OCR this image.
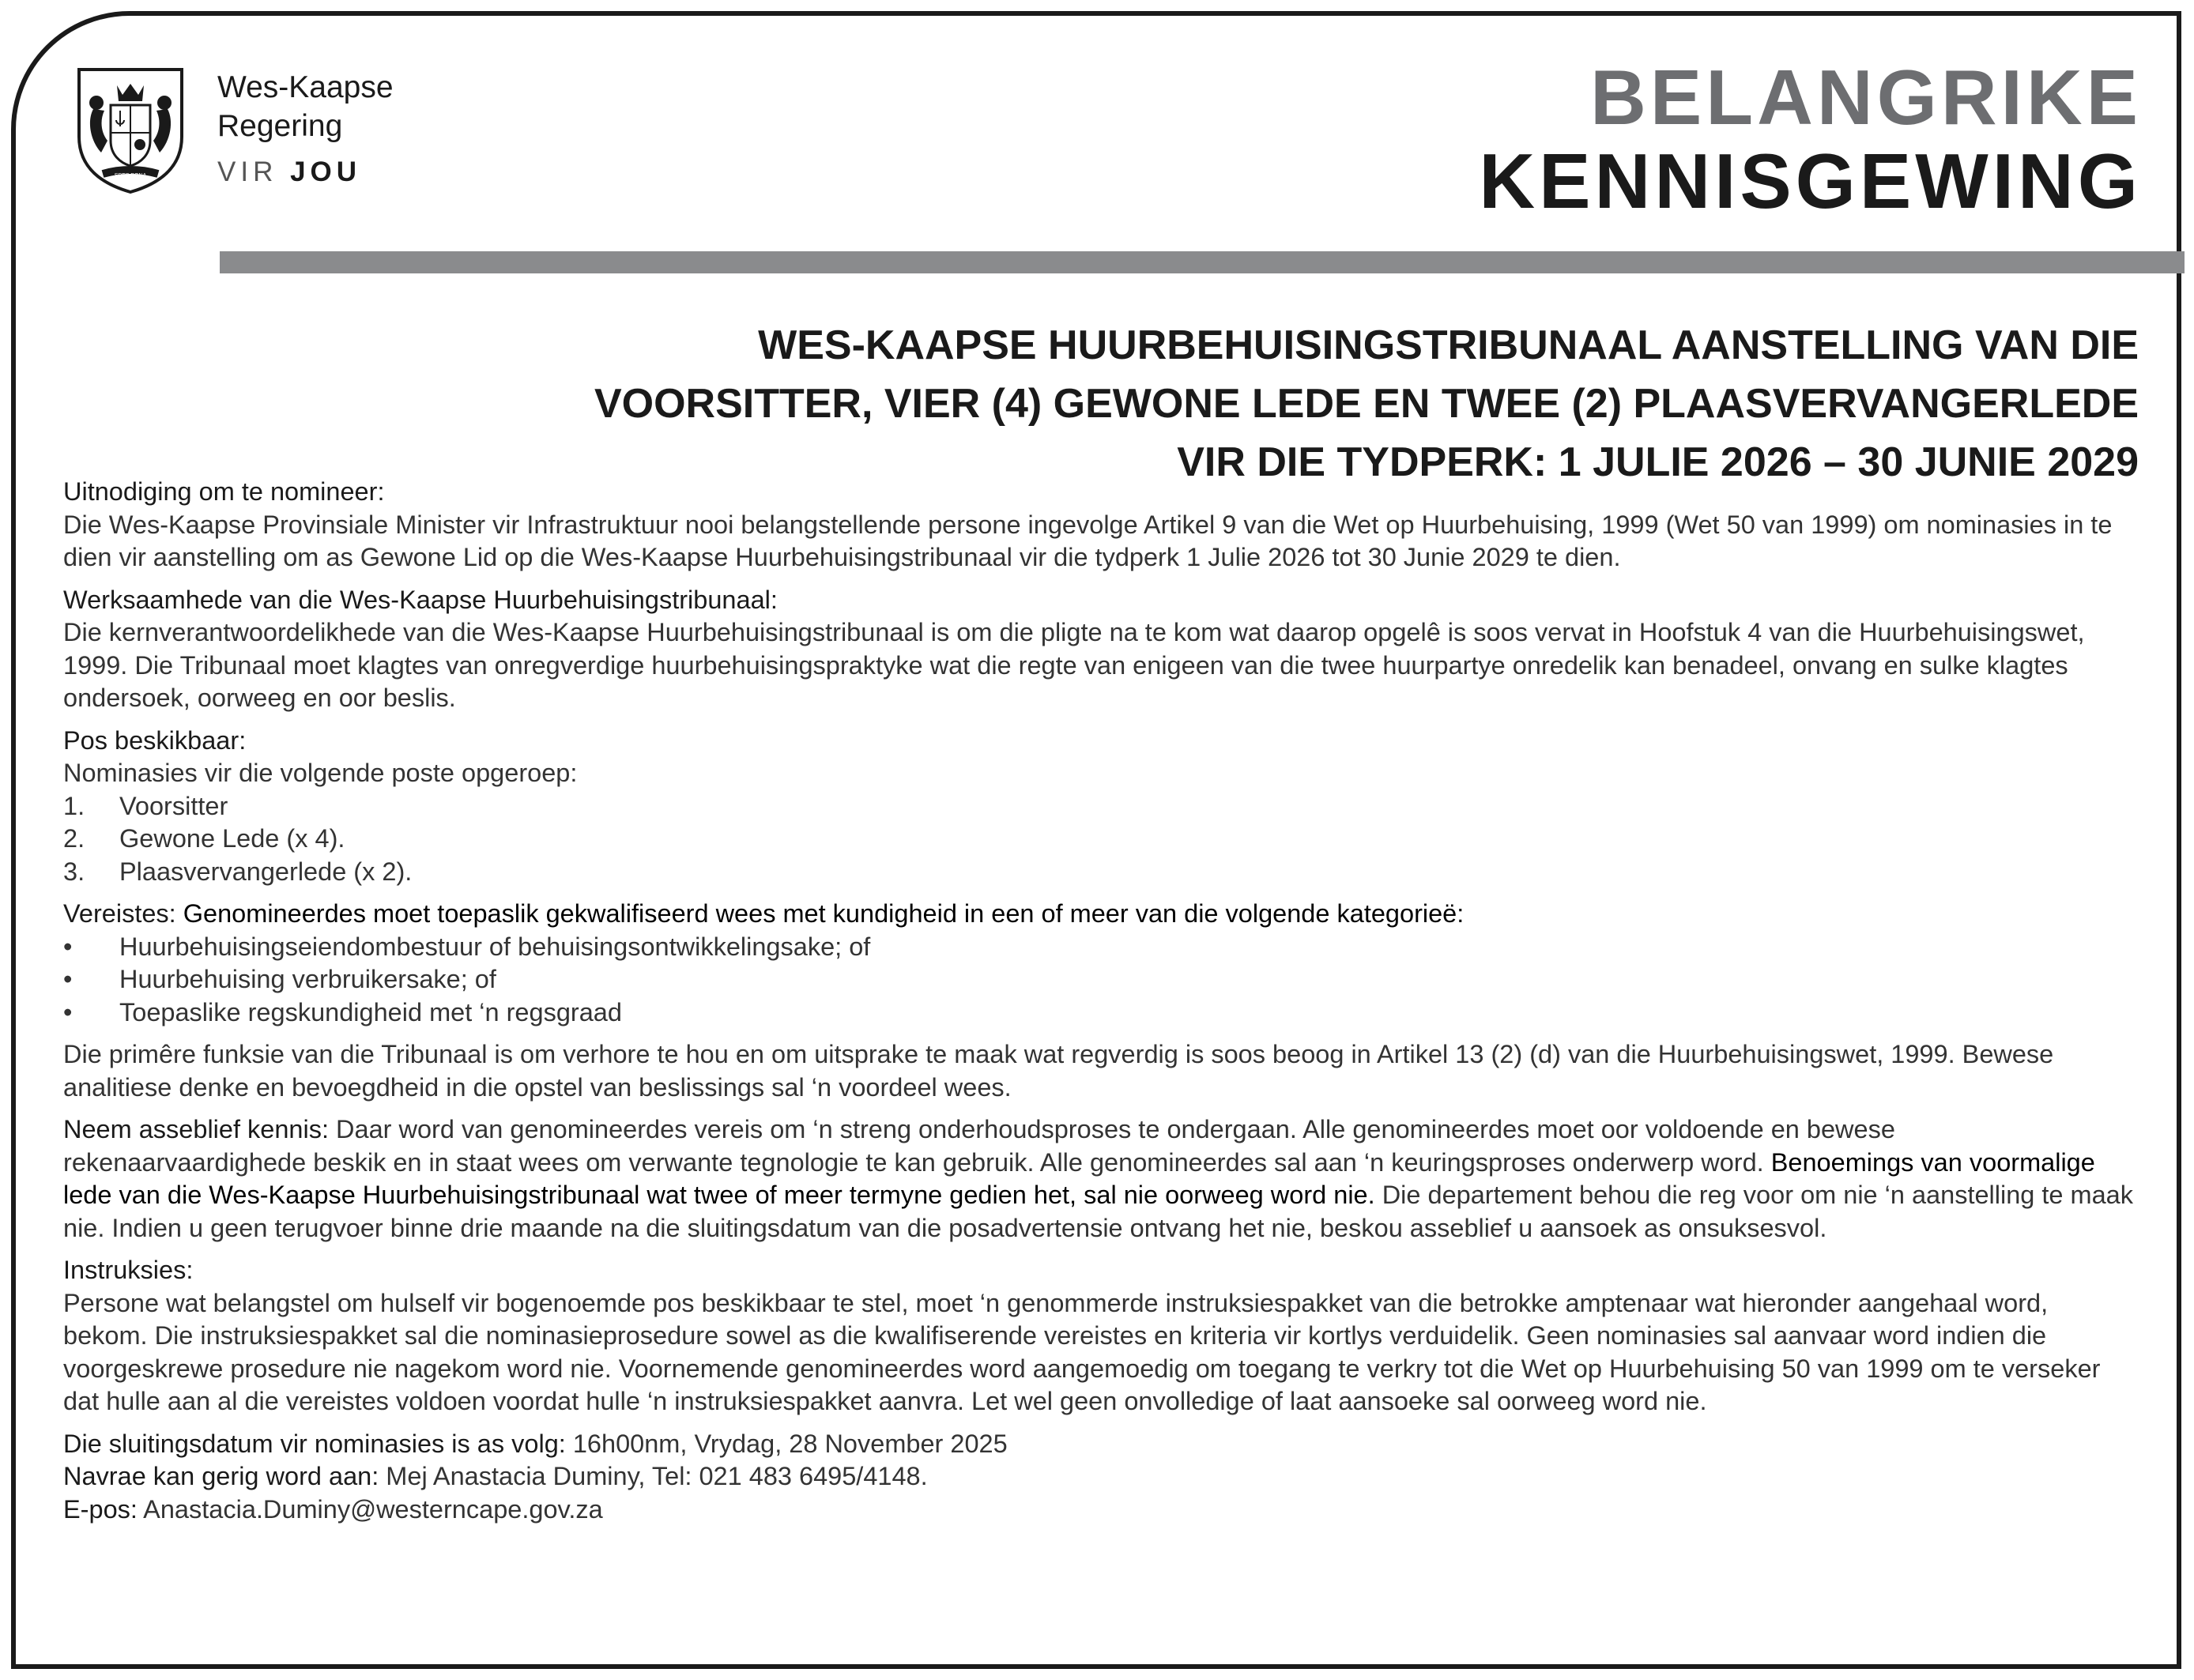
SPES BONA
Wes-Kaapse
Regering
VIR JOU
BELANGRIKE
KENNISGEWING
WES-KAAPSE HUURBEHUISINGSTRIBUNAAL AANSTELLING VAN DIE
VOORSITTER, VIER (4) GEWONE LEDE EN TWEE (2) PLAASVERVANGERLEDE
VIR DIE TYDPERK: 1 JULIE 2026 – 30 JUNIE 2029
Uitnodiging om te nomineer:

Die Wes-Kaapse Provinsiale Minister vir Infrastruktuur nooi belangstellende persone ingevolge Artikel 9 van die Wet op Huurbehuising, 1999 (Wet 50 van 1999) om nominasies in te dien vir aanstelling om as Gewone Lid op die Wes-Kaapse Huurbehuisingstribunaal vir die tydperk 1 Julie 2026 tot 30 Junie 2029 te dien.

Werksaamhede van die Wes-Kaapse Huurbehuisingstribunaal:

Die kernverantwoordelikhede van die Wes-Kaapse Huurbehuisingstribunaal is om die pligte na te kom wat daarop opgelê is soos vervat in Hoofstuk 4 van die Huurbehuisingswet, 1999. Die Tribunaal moet klagtes van onregverdige huurbehuisingspraktyke wat die regte van enigeen van die twee huurpartye onredelik kan benadeel, onvang en sulke klagtes ondersoek, oorweeg en oor beslis.

Pos beskikbaar:

Nominasies vir die volgende poste opgeroep:

1.	Voorsitter
2.	Gewone Lede (x 4).
3.	Plaasvervangerlede (x 2).

Vereistes: Genomineerdes moet toepaslik gekwalifiseerd wees met kundigheid in een of meer van die volgende kategorieë:

•	Huurbehuisingseiendombestuur of behuisingsontwikkelingsake; of
•	Huurbehuising verbruikersake; of
•	Toepaslike regskundigheid met ‘n regsgraad

Die primêre funksie van die Tribunaal is om verhore te hou en om uitsprake te maak wat regverdig is soos beoog in Artikel 13 (2) (d) van die Huurbehuisingswet, 1999. Bewese analitiese denke en bevoegdheid in die opstel van beslissings sal ‘n voordeel wees.

Neem asseblief kennis: Daar word van genomineerdes vereis om ‘n streng onderhoudsproses te ondergaan. Alle genomineerdes moet oor voldoende en bewese rekenaarvaardighede beskik en in staat wees om verwante tegnologie te kan gebruik. Alle genomineerdes sal aan ‘n keuringsproses onderwerp word. Benoemings van voormalige lede van die Wes-Kaapse Huurbehuisingstribunaal wat twee of meer termyne gedien het, sal nie oorweeg word nie. Die departement behou die reg voor om nie ‘n aanstelling te maak nie. Indien u geen terugvoer binne drie maande na die sluitingsdatum van die posadvertensie ontvang het nie, beskou asseblief u aansoek as onsuksesvol.

Instruksies:

Persone wat belangstel om hulself vir bogenoemde pos beskikbaar te stel, moet ‘n genommerde instruksiespakket van die betrokke amptenaar wat hieronder aangehaal word, bekom. Die instruksiespakket sal die nominasieprosedure sowel as die kwalifiserende vereistes en kriteria vir kortlys verduidelik. Geen nominasies sal aanvaar word indien die voorgeskrewe prosedure nie nagekom word nie. Voornemende genomineerdes word aangemoedig om toegang te verkry tot die Wet op Huurbehuising 50 van 1999 om te verseker dat hulle aan al die vereistes voldoen voordat hulle ‘n instruksiespakket aanvra. Let wel geen onvolledige of laat aansoeke sal oorweeg word nie.

Die sluitingsdatum vir nominasies is as volg: 16h00nm, Vrydag, 28 November 2025

Navrae kan gerig word aan: Mej Anastacia Duminy, Tel: 021 483 6495/4148.

E-pos: Anastacia.Duminy@westerncape.gov.za
